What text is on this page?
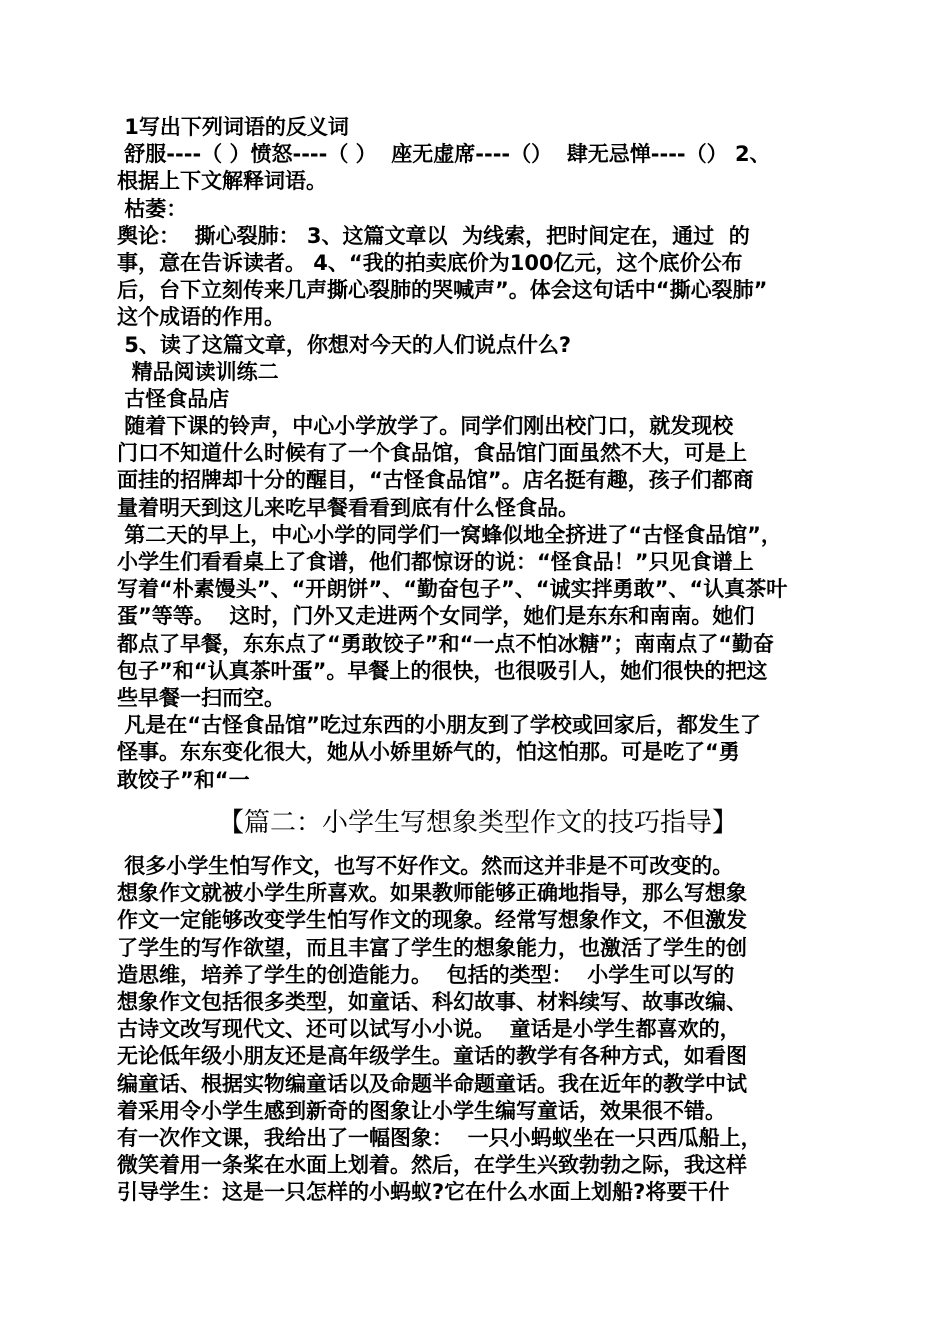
1写出下列词语的反义词
舒服----（ ）愤怒----（ ）  座无虚席----（）  肆无忌惮----（） 2、
根据上下文解释词语。
枯萎：
舆论：  撕心裂肺： 3、这篇文章以  为线索，把时间定在，通过  的
事，意在告诉读者。 4、“我的拍卖底价为100亿元，这个底价公布
后，台下立刻传来几声撕心裂肺的哭喊声”。体会这句话中“撕心裂肺”
这个成语的作用。
5、读了这篇文章，你想对今天的人们说点什么?
精品阅读训练二
古怪食品店
随着下课的铃声，中心小学放学了。同学们刚出校门口，就发现校
门口不知道什么时候有了一个食品馆，食品馆门面虽然不大，可是上
面挂的招牌却十分的醒目，“古怪食品馆”。店名挺有趣，孩子们都商
量着明天到这儿来吃早餐看看到底有什么怪食品。
第二天的早上，中心小学的同学们一窝蜂似地全挤进了“古怪食品馆”，
小学生们看看桌上了食谱，他们都惊讶的说：“怪食品！”只见食谱上
写着“朴素馒头”、“开朗饼”、“勤奋包子”、“诚实拌勇敢”、“认真茶叶
蛋”等等。  这时，门外又走进两个女同学，她们是东东和南南。她们
都点了早餐，东东点了“勇敢饺子”和“一点不怕冰糖”；南南点了“勤奋
包子”和“认真茶叶蛋”。早餐上的很快，也很吸引人，她们很快的把这
些早餐一扫而空。
凡是在“古怪食品馆”吃过东西的小朋友到了学校或回家后，都发生了
怪事。东东变化很大，她从小娇里娇气的，怕这怕那。可是吃了“勇
敢饺子”和“一
【篇二：小学生写想象类型作文的技巧指导】
很多小学生怕写作文，也写不好作文。然而这并非是不可改变的。
想象作文就被小学生所喜欢。如果教师能够正确地指导，那么写想象
作文一定能够改变学生怕写作文的现象。经常写想象作文，不但激发
了学生的写作欲望，而且丰富了学生的想象能力，也激活了学生的创
造思维，培养了学生的创造能力。  包括的类型：  小学生可以写的
想象作文包括很多类型，如童话、科幻故事、材料续写、故事改编、
古诗文改写现代文、还可以试写小小说。  童话是小学生都喜欢的，
无论低年级小朋友还是高年级学生。童话的教学有各种方式，如看图
编童话、根据实物编童话以及命题半命题童话。我在近年的教学中试
着采用令小学生感到新奇的图象让小学生编写童话，效果很不错。
有一次作文课，我给出了一幅图象：  一只小蚂蚁坐在一只西瓜船上，
微笑着用一条桨在水面上划着。然后，在学生兴致勃勃之际，我这样
引导学生：这是一只怎样的小蚂蚁?它在什么水面上划船?将要干什
